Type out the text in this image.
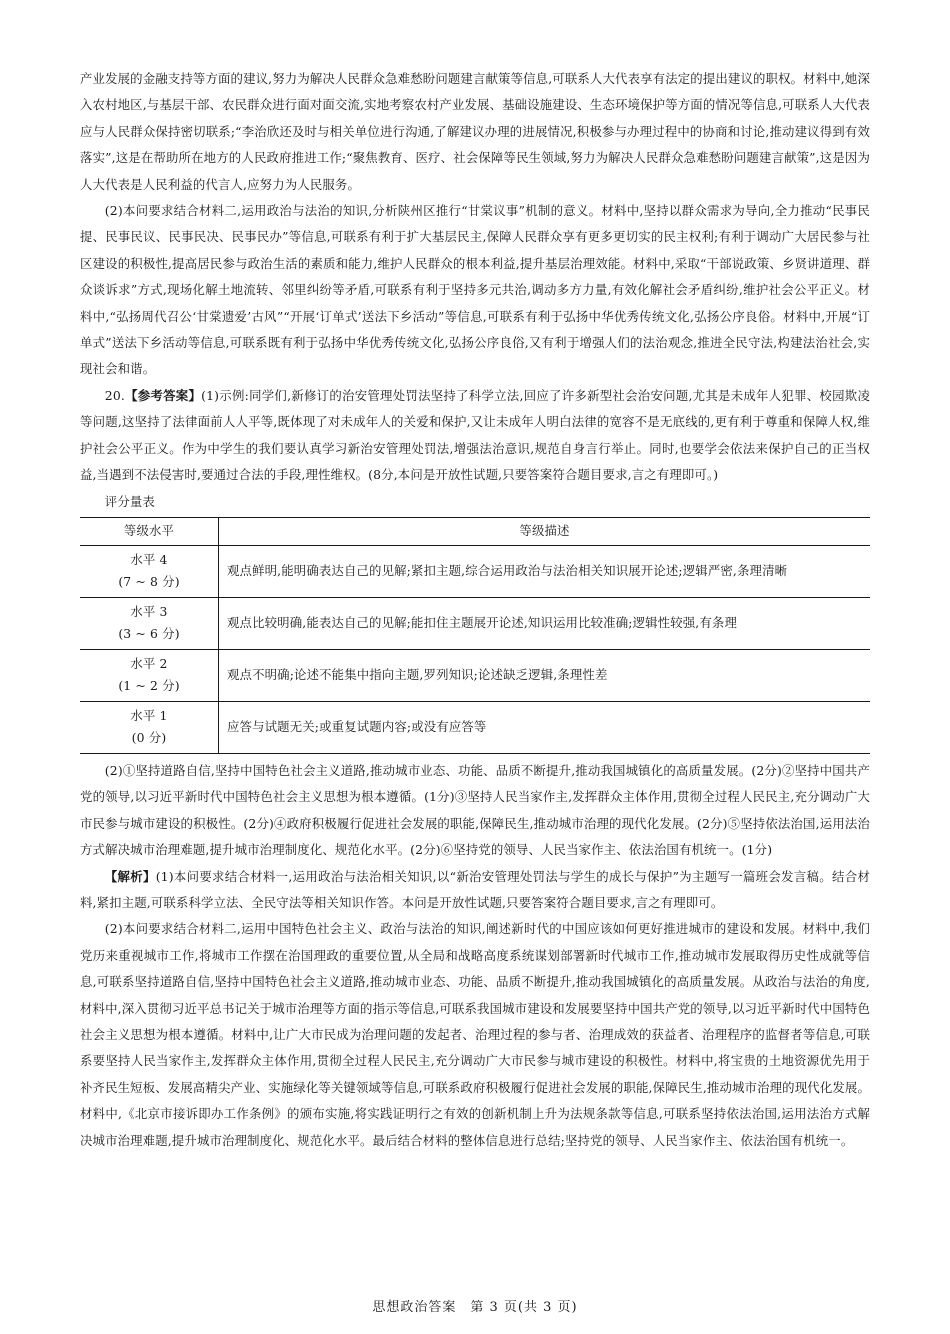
产业发展的金融支持等方面的建议,努力为解决人民群众急难愁盼问题建言献策等信息,可联系人大代表享有法定的提出建议的职权。材料中,她深入农村地区,与基层干部、农民群众进行面对面交流,实地考察农村产业发展、基础设施建设、生态环境保护等方面的情况等信息,可联系人大代表应与人民群众保持密切联系;“李治欣还及时与相关单位进行沟通,了解建议办理的进展情况,积极参与办理过程中的协商和讨论,推动建议得到有效落实”,这是在帮助所在地方的人民政府推进工作;“聚焦教育、医疗、社会保障等民生领域,努力为解决人民群众急难愁盼问题建言献策”,这是因为人大代表是人民利益的代言人,应努力为人民服务。

(2)本问要求结合材料二,运用政治与法治的知识,分析陕州区推行“甘棠议事”机制的意义。材料中,坚持以群众需求为导向,全力推动“民事民提、民事民议、民事民决、民事民办”等信息,可联系有利于扩大基层民主,保障人民群众享有更多更切实的民主权利;有利于调动广大居民参与社区建设的积极性,提高居民参与政治生活的素质和能力,维护人民群众的根本利益,提升基层治理效能。材料中,采取“干部说政策、乡贤讲道理、群众谈诉求”方式,现场化解土地流转、邻里纠纷等矛盾,可联系有利于坚持多元共治,调动多方力量,有效化解社会矛盾纠纷,维护社会公平正义。材料中,“弘扬周代召公‘甘棠遗爱’古风”“开展‘订单式’送法下乡活动”等信息,可联系有利于弘扬中华优秀传统文化,弘扬公序良俗。材料中,开展“订单式”送法下乡活动等信息,可联系既有利于弘扬中华优秀传统文化,弘扬公序良俗,又有利于增强人们的法治观念,推进全民守法,构建法治社会,实现社会和谐。

20.【参考答案】(1)示例:同学们,新修订的治安管理处罚法坚持了科学立法,回应了许多新型社会治安问题,尤其是未成年人犯罪、校园欺凌等问题,这坚持了法律面前人人平等,既体现了对未成年人的关爱和保护,又让未成年人明白法律的宽容不是无底线的,更有利于尊重和保障人权,维护社会公平正义。作为中学生的我们要认真学习新治安管理处罚法,增强法治意识,规范自身言行举止。同时,也要学会依法来保护自己的正当权益,当遇到不法侵害时,要通过合法的手段,理性维权。(8分,本问是开放性试题,只要答案符合题目要求,言之有理即可。)

评分量表

等级水平	等级描述

水平 4
(7 ~ 8 分)	观点鲜明,能明确表达自己的见解;紧扣主题,综合运用政治与法治相关知识展开论述;逻辑严密,条理清晰

水平 3
(3 ~ 6 分)	观点比较明确,能表达自己的见解;能扣住主题展开论述,知识运用比较准确;逻辑性较强,有条理

水平 2
(1 ~ 2 分)	观点不明确;论述不能集中指向主题,罗列知识;论述缺乏逻辑,条理性差

水平 1
(0 分)	应答与试题无关;或重复试题内容;或没有应答等

(2)①坚持道路自信,坚持中国特色社会主义道路,推动城市业态、功能、品质不断提升,推动我国城镇化的高质量发展。(2分)②坚持中国共产党的领导,以习近平新时代中国特色社会主义思想为根本遵循。(1分)③坚持人民当家作主,发挥群众主体作用,贯彻全过程人民民主,充分调动广大市民参与城市建设的积极性。(2分)④政府积极履行促进社会发展的职能,保障民生,推动城市治理的现代化发展。(2分)⑤坚持依法治国,运用法治方式解决城市治理难题,提升城市治理制度化、规范化水平。(2分)⑥坚持党的领导、人民当家作主、依法治国有机统一。(1分)

【解析】(1)本问要求结合材料一,运用政治与法治相关知识,以“新治安管理处罚法与学生的成长与保护”为主题写一篇班会发言稿。结合材料,紧扣主题,可联系科学立法、全民守法等相关知识作答。本问是开放性试题,只要答案符合题目要求,言之有理即可。

(2)本问要求结合材料二,运用中国特色社会主义、政治与法治的知识,阐述新时代的中国应该如何更好推进城市的建设和发展。材料中,我们党历来重视城市工作,将城市工作摆在治国理政的重要位置,从全局和战略高度系统谋划部署新时代城市工作,推动城市发展取得历史性成就等信息,可联系坚持道路自信,坚持中国特色社会主义道路,推动城市业态、功能、品质不断提升,推动我国城镇化的高质量发展。从政治与法治的角度,材料中,深入贯彻习近平总书记关于城市治理等方面的指示等信息,可联系我国城市建设和发展要坚持中国共产党的领导,以习近平新时代中国特色社会主义思想为根本遵循。材料中,让广大市民成为治理问题的发起者、治理过程的参与者、治理成效的获益者、治理程序的监督者等信息,可联系要坚持人民当家作主,发挥群众主体作用,贯彻全过程人民民主,充分调动广大市民参与城市建设的积极性。材料中,将宝贵的土地资源优先用于补齐民生短板、发展高精尖产业、实施绿化等关键领域等信息,可联系政府积极履行促进社会发展的职能,保障民生,推动城市治理的现代化发展。材料中,《北京市接诉即办工作条例》的颁布实施,将实践证明行之有效的创新机制上升为法规条款等信息,可联系坚持依法治国,运用法治方式解决城市治理难题,提升城市治理制度化、规范化水平。最后结合材料的整体信息进行总结;坚持党的领导、人民当家作主、依法治国有机统一。

思想政治答案　第 3 页(共 3 页)
